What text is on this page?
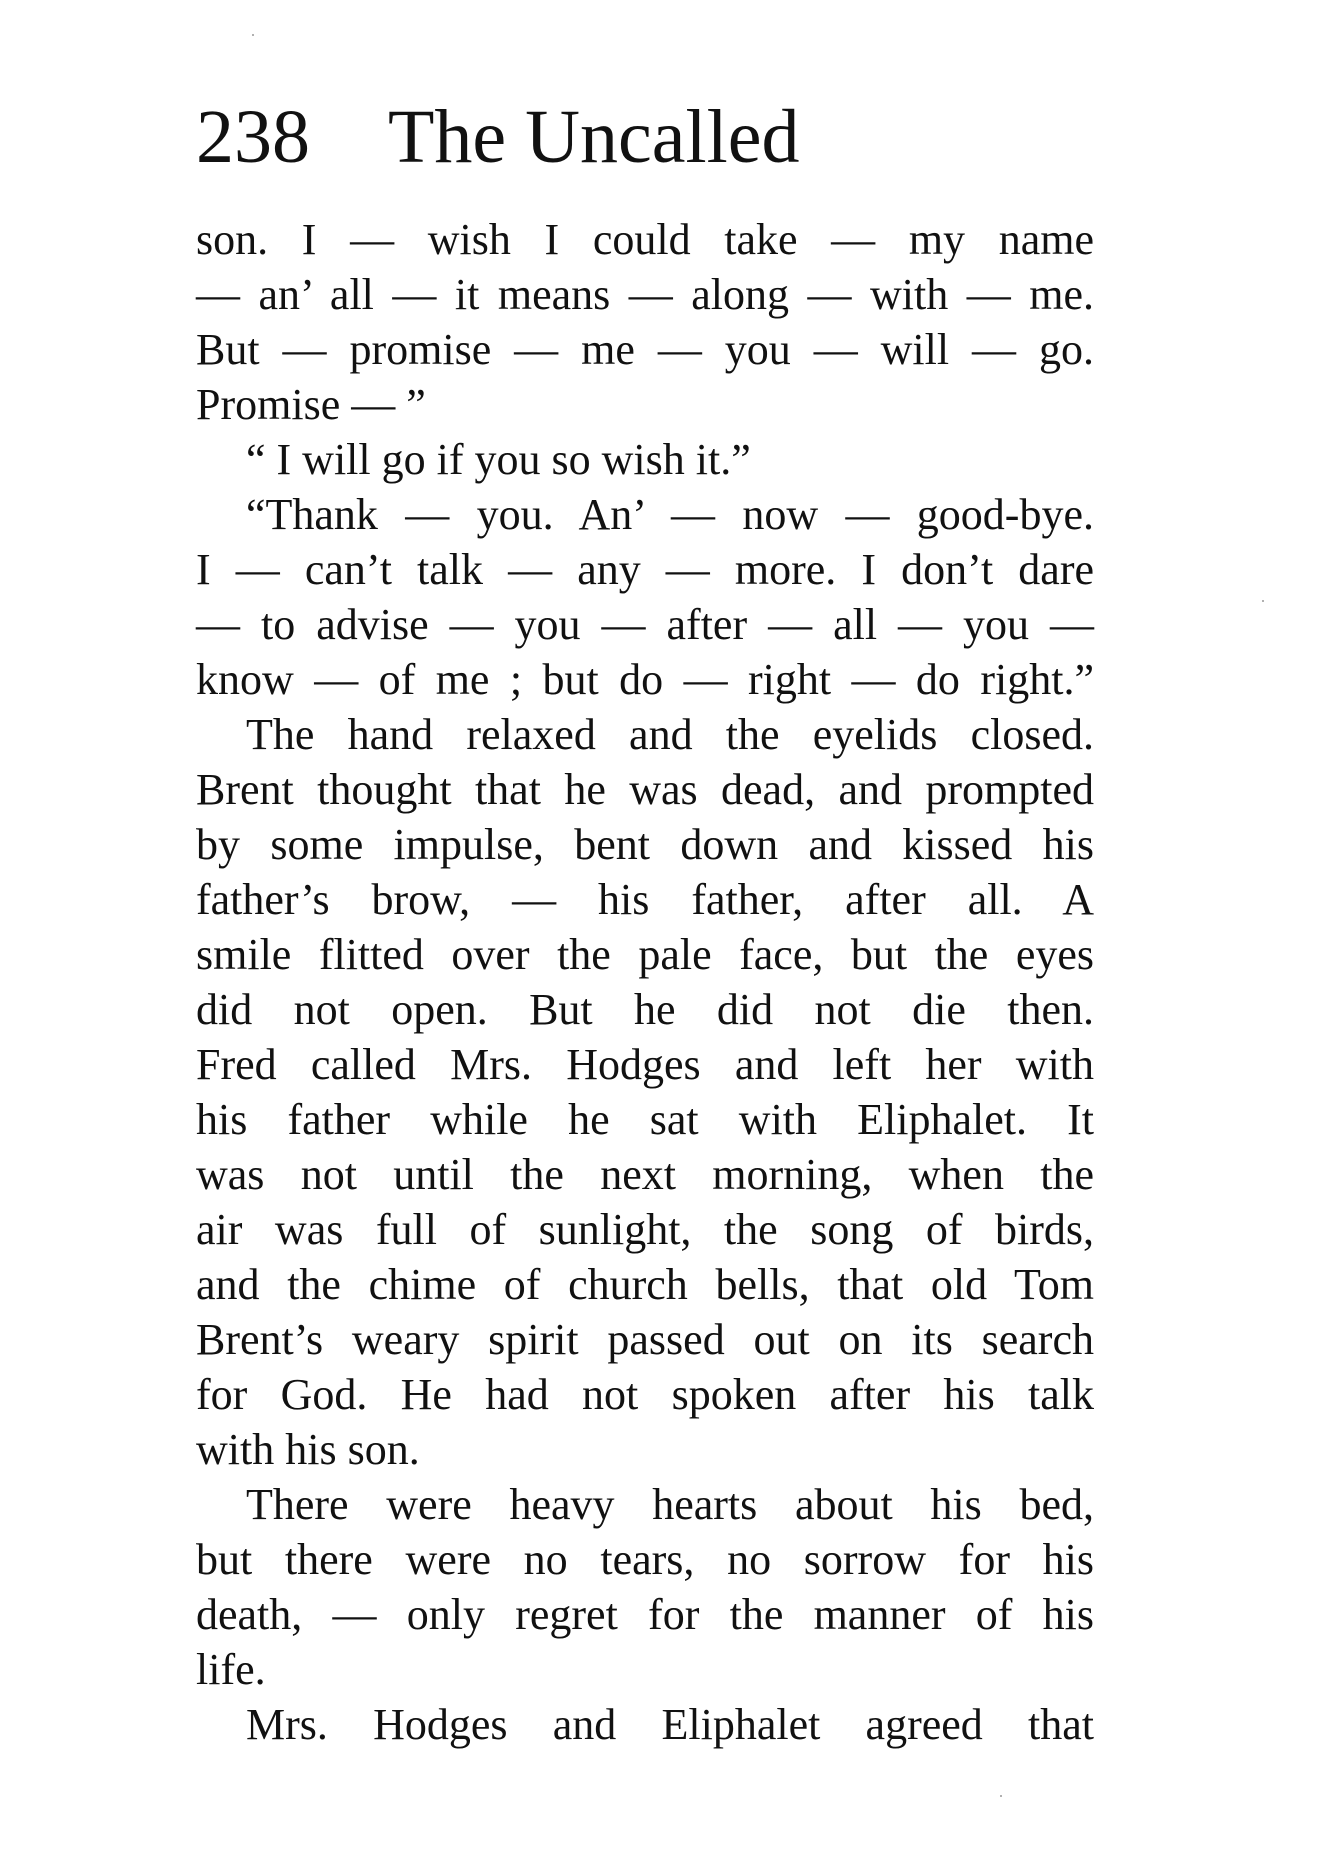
238 The Uncalled
son. I — wish I could take — my name
— an’ all — it means — along — with — me.
But — promise — me — you — will — go.
Promise — ”
“ I will go if you so wish it.”
“Thank — you. An’ — now — good-bye.
I — can’t talk — any — more. I don’t dare
— to advise — you — after — all — you —
know — of me ; but do — right — do right.”
The hand relaxed and the eyelids closed.
Brent thought that he was dead, and prompted
by some impulse, bent down and kissed his
father’s brow, — his father, after all. A
smile flitted over the pale face, but the eyes
did not open. But he did not die then.
Fred called Mrs. Hodges and left her with
his father while he sat with Eliphalet. It
was not until the next morning, when the
air was full of sunlight, the song of birds,
and the chime of church bells, that old Tom
Brent’s weary spirit passed out on its search
for God. He had not spoken after his talk
with his son.
There were heavy hearts about his bed,
but there were no tears, no sorrow for his
death, — only regret for the manner of his
life.
Mrs. Hodges and Eliphalet agreed that
